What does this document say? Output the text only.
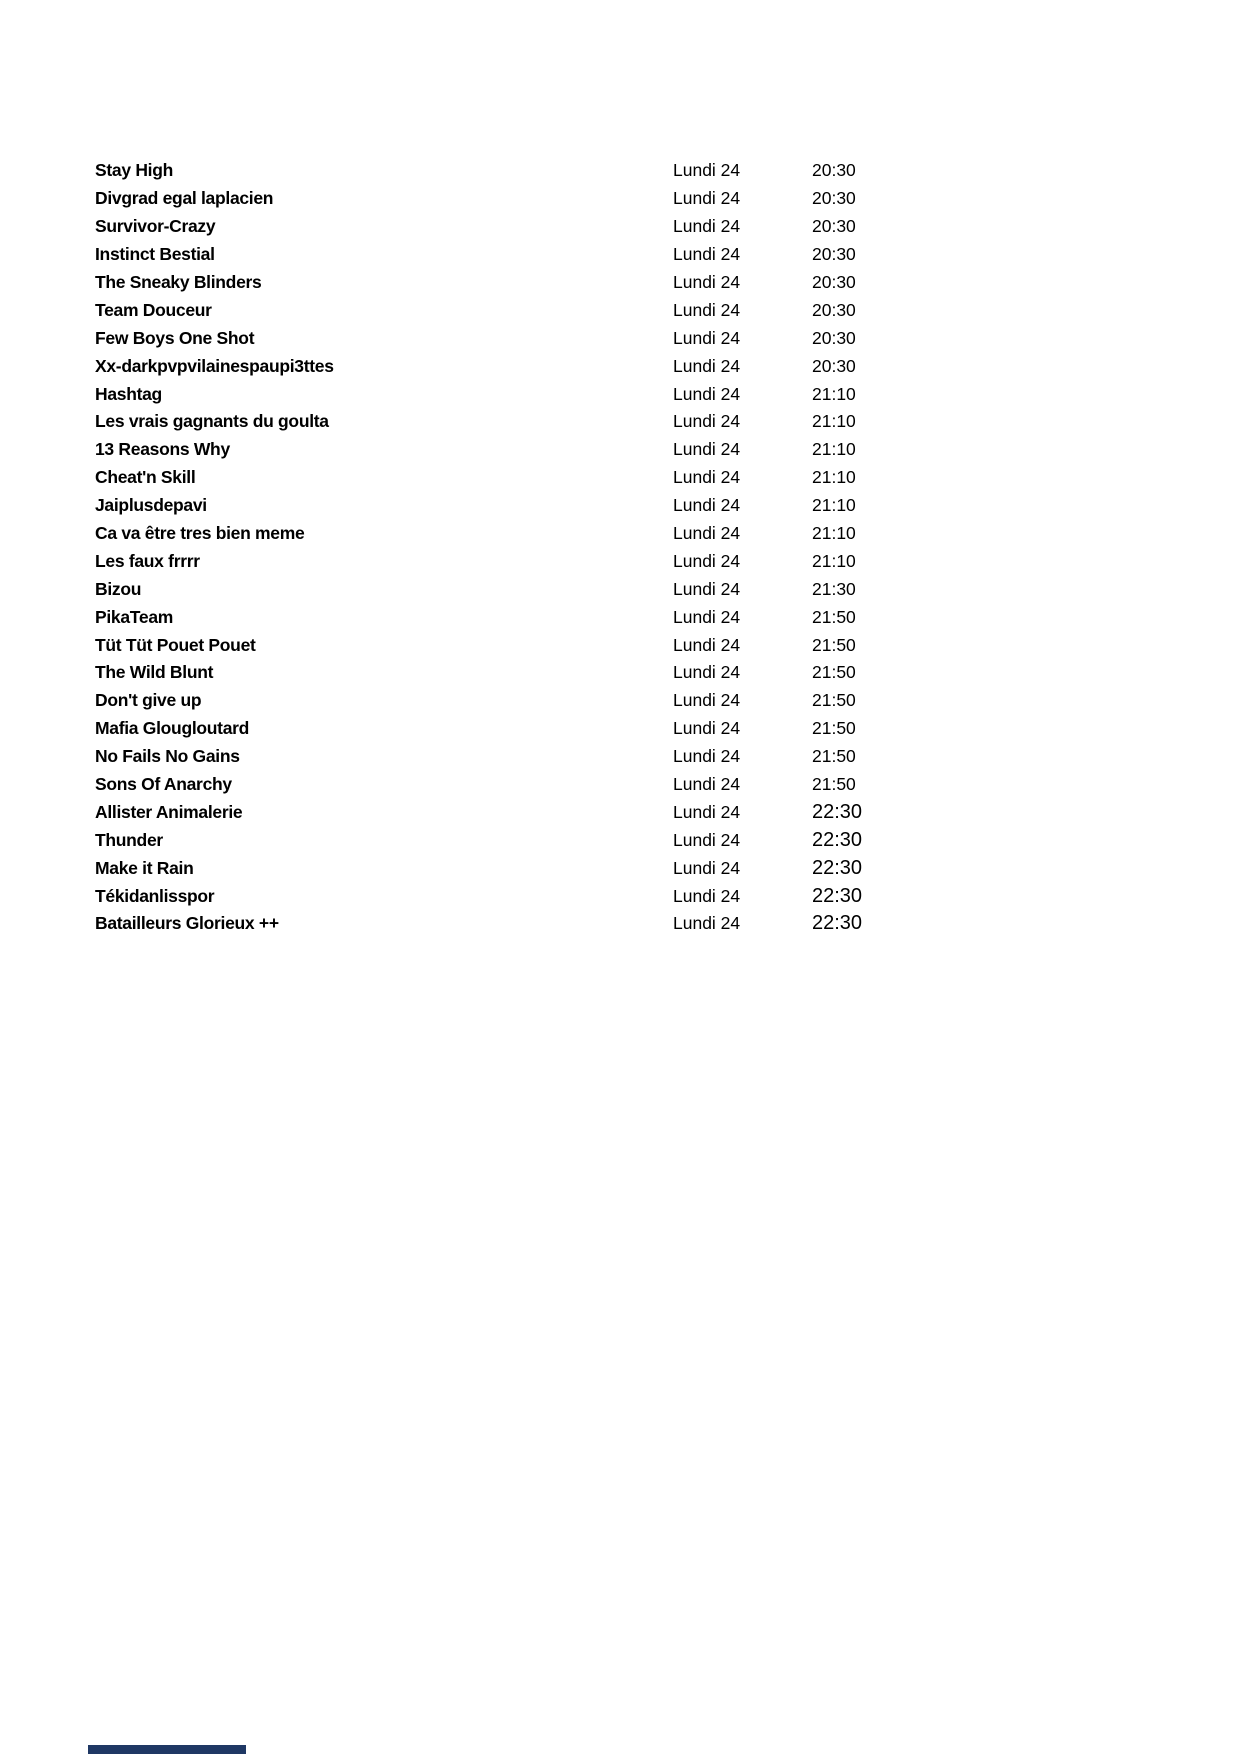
Stay High	Lundi 24	20:30
Divgrad egal laplacien	Lundi 24	20:30
Survivor-Crazy	Lundi 24	20:30
Instinct Bestial	Lundi 24	20:30
The Sneaky Blinders	Lundi 24	20:30
Team Douceur	Lundi 24	20:30
Few Boys One Shot	Lundi 24	20:30
Xx-darkpvpvilainespaupi3ttes	Lundi 24	20:30
Hashtag	Lundi 24	21:10
Les vrais gagnants du goulta	Lundi 24	21:10
13 Reasons Why	Lundi 24	21:10
Cheat'n Skill	Lundi 24	21:10
Jaiplusdepavi	Lundi 24	21:10
Ca va être tres bien meme	Lundi 24	21:10
Les faux frrrr	Lundi 24	21:10
Bizou	Lundi 24	21:30
PikaTeam	Lundi 24	21:50
Tüt Tüt Pouet Pouet	Lundi 24	21:50
The Wild Blunt	Lundi 24	21:50
Don't give up	Lundi 24	21:50
Mafia Glougloutard	Lundi 24	21:50
No Fails No Gains	Lundi 24	21:50
Sons Of Anarchy	Lundi 24	21:50
Allister Animalerie	Lundi 24	22:30
Thunder	Lundi 24	22:30
Make it Rain	Lundi 24	22:30
Tékidanlisspor	Lundi 24	22:30
Batailleurs Glorieux ++	Lundi 24	22:30
